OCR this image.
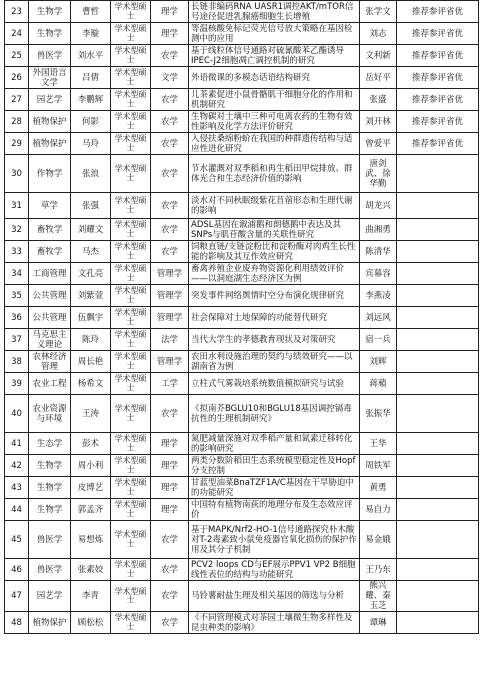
23	生物学	曹哲	学术型硕士	理学	长链非编码RNA UASR1调控AKT/mTOR信号途径促进乳腺癌细胞生长增殖	张学文	推荐参评省优
24	生物学	李璇	学术型硕士	理学	等温核酸免标记荧光信号放大策略在基因检测中的应用	刘志	推荐参评省优
25	兽医学	刘水平	学术型硕士	农学	基于线粒体信号通路对硫氰酸苯乙酯诱导IPEC-J2细胞凋亡调控机制的研究	文利新	推荐参评省优
26	外国语言文学	吕倩	学术型硕士	文学	外语微课的多模态话语结构研究	岳好平	推荐参评省优
27	园艺学	李鹏辉	学术型硕士	农学	儿茶素促进小鼠骨骼肌干细胞分化的作用和机制研究	张盛	推荐参评省优
28	植物保护	何影	学术型硕士	农学	生物碳对土壤中三种可电离农药的生物有效性影响及化学方法评价研究	刘开林	推荐参评省优
29	植物保护	马玲	学术型硕士	农学	入侵扶桑绵粉蚧在我国的种群遗传结构与适应性进化研究	曾爱平	推荐参评省优
30	作物学	张浪	学术型硕士	农学	节水灌溉对双季稻和再生稻田甲烷排放、群体光合和生态经济价值的影响	唐剑武、徐华勤	
31	草学	张强	学术型硕士	农学	淡水对不同秋眠级紫花苜蓿形态和生理代谢的影响	胡龙兴	
32	畜牧学	刘耀文	学术型硕士	农学	ADSL基因在溆浦鹅和朗德鹅中表达及其SNPs与肌苷酸含量的关联性研究	曲湘勇	
33	畜牧学	马杰	学术型硕士	农学	饲粮直链/支链淀粉比和淀粉酶对肉鸡生长性能的影响及其互作效应研究	陈清华	
34	工商管理	文孔亮	学术型硕士	管理学	畜禽养殖企业废弃物资源化利用绩效评价——以洞庭湖生态经济区为例	宾幕容	
35	公共管理	刘紫萱	学术型硕士	管理学	突发事件网络舆情时空分布演化规律研究	李燕凌	
36	公共管理	伍飘宇	学术型硕士	管理学	社会保障对土地保障的功能替代研究	刘远风	
37	马克思主义理论	陈玲	学术型硕士	法学	当代大学生的孝德教育现状及对策研究	宿一兵	
38	农林经济管理	周长艳	学术型硕士	管理学	农田水利设施治理的契约与绩效研究——以湖南省为例	刘辉	
39	农业工程	杨希文	学术型硕士	工学	立柱式气雾栽培系统数值模拟研究与试验	蒋蘋	
40	农业资源与环境	王涛	学术型硕士	农学	《拟南芥BGLU10和BGLU18基因调控镉毒抗性的生理机制研究》	张振华	
41	生态学	彭术	学术型硕士	理学	氮肥减量深施对双季稻产量和氮素迁移转化的影响研究	王华	
42	生物学	周小利	学术型硕士	理学	两类分数阶稻田生态系统模型稳定性及Hopf分支控制	周铁军	
43	生物学	皮博艺	学术型硕士	理学	甘蓝型油菜BnaTZF1A/C基因在干旱胁迫中的功能研究	黄勇	
44	生物学	郭孟齐	学术型硕士	理学	中国特有植物南荻的地理分布及生态效应评价	易自力	
45	兽医学	易想炼	学术型硕士	农学	基于MAPK/Nrf2-HO-1信号通路探究朴木酸对T-2毒素致小鼠免疫器官氧化损伤的保护作用及其分子机制	易金娥	
46	兽医学	张素姣	学术型硕士	农学	PCV2 loops CD与EF展示PPV1 VP2 B细胞线性表位的结构与功能研究	王乃东	
47	园艺学	李青	学术型硕士	农学	马铃薯耐盐生理及相关基因的筛选与分析	熊兴耀、秦玉芝	
48	植物保护	顾松松	学术型硕士	农学	《不同管理模式对茶园土壤微生物多样性及昆虫种类的影响》	谭琳	
